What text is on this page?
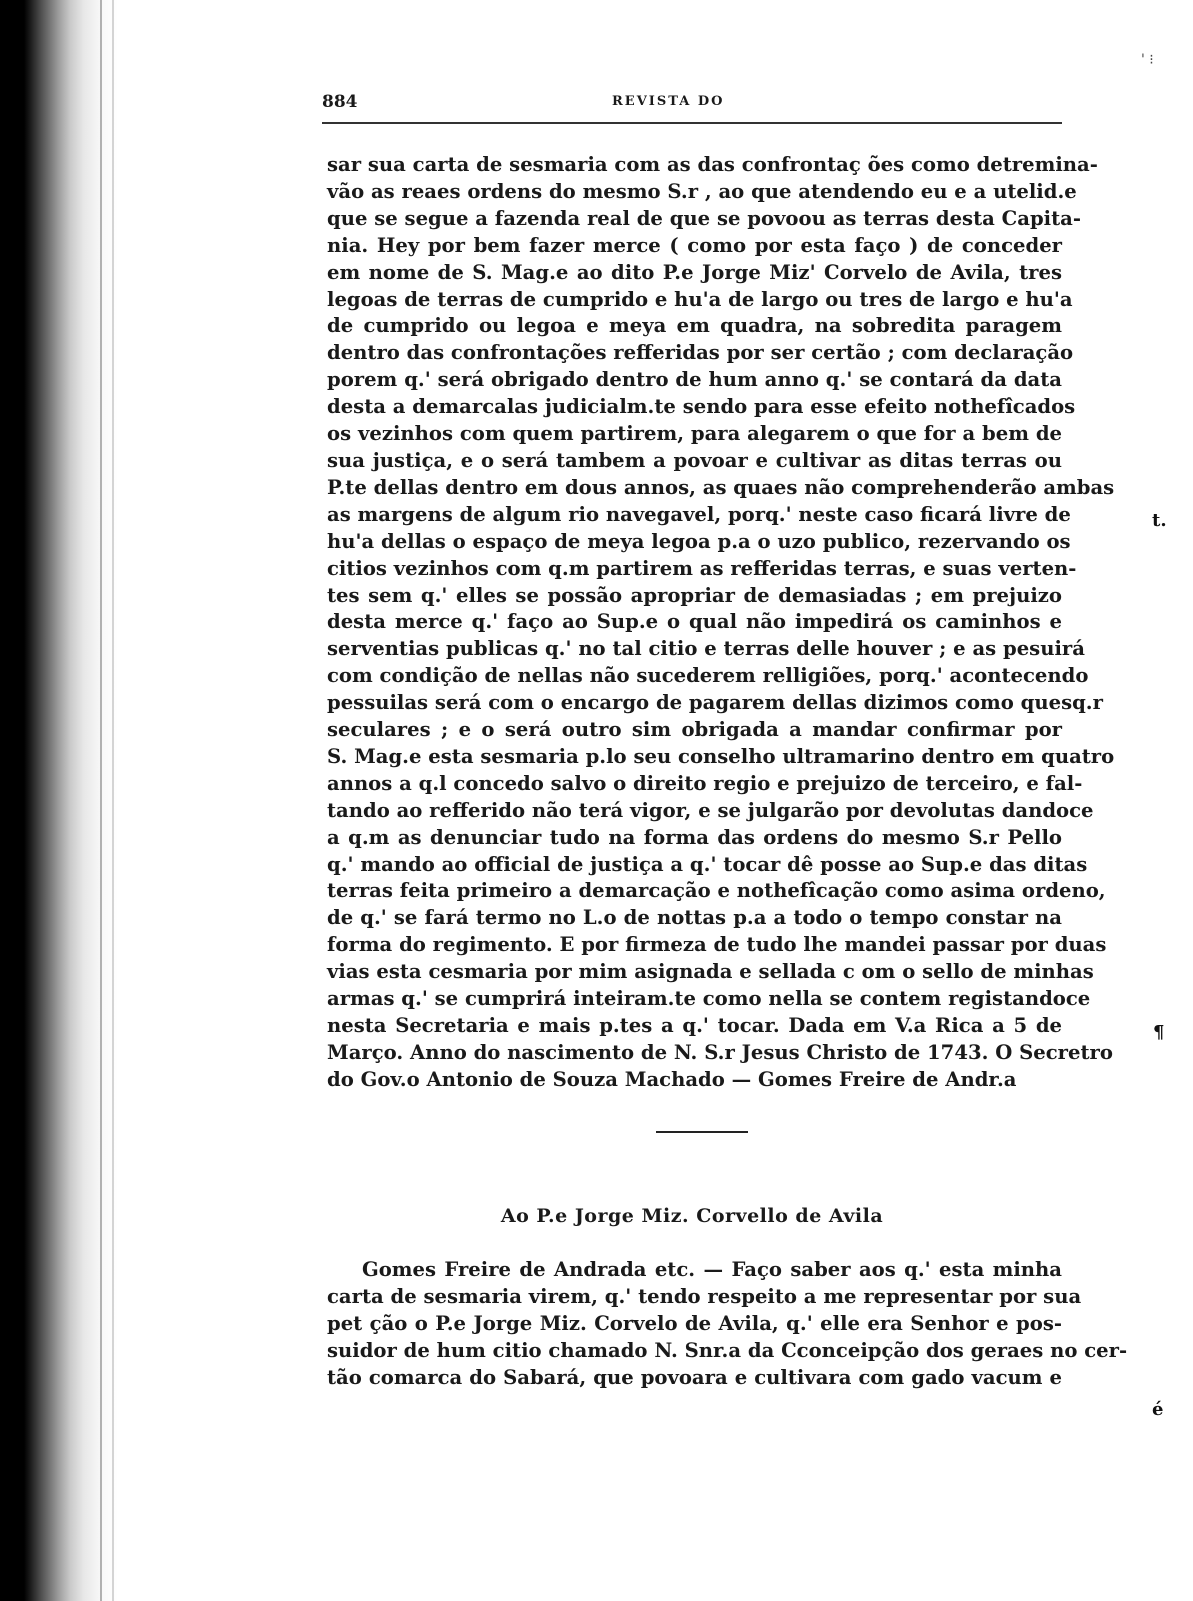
' ⁝
884	REVISTA DO
sar sua carta de sesmaria com as das confrontaç ões como detremina-
vão as reaes ordens do mesmo S.r , ao que atendendo eu e a utelid.e
que se segue a fazenda real de que se povoou as terras desta Capita-
nia. Hey por bem fazer merce ( como por esta faço ) de conceder
em nome de S. Mag.e ao dito P.e Jorge Miz' Corvelo de Avila, tres
legoas de terras de cumprido e hu'a de largo ou tres de largo e hu'a
de cumprido ou legoa e meya em quadra, na sobredita paragem
dentro das confrontações refferidas por ser certão ; com declaração
porem q.' será obrigado dentro de hum anno q.' se contará da data
desta a demarcalas judicialm.te sendo para esse efeito nothefîcados
os vezinhos com quem partirem, para alegarem o que for a bem de
sua justiça, e o será tambem a povoar e cultivar as ditas terras ou
P.te dellas dentro em dous annos, as quaes não comprehenderão ambas
as margens de algum rio navegavel, porq.' neste caso ficará livre de
hu'a dellas o espaço de meya legoa p.a o uzo publico, rezervando os
citios vezinhos com q.m partirem as refferidas terras, e suas verten-
tes sem q.' elles se possão apropriar de demasiadas ; em prejuizo
desta merce q.' faço ao Sup.e o qual não impedirá os caminhos e
serventias publicas q.' no tal citio e terras delle houver ; e as pesuirá
com condição de nellas não sucederem relligiões, porq.' acontecendo
pessuilas será com o encargo de pagarem dellas dizimos como quesq.r
seculares ; e o será outro sim obrigada a mandar confirmar por
S. Mag.e esta sesmaria p.lo seu conselho ultramarino dentro em quatro
annos a q.l concedo salvo o direito regio e prejuizo de terceiro, e fal-
tando ao refferido não terá vigor, e se julgarão por devolutas dandoce
a q.m as denunciar tudo na forma das ordens do mesmo S.r Pello
q.' mando ao official de justiça a q.' tocar dê posse ao Sup.e das ditas
terras feita primeiro a demarcação e nothefîcação como asima ordeno,
de q.' se fará termo no L.o de nottas p.a a todo o tempo constar na
forma do regimento. E por firmeza de tudo lhe mandei passar por duas
vias esta cesmaria por mim asignada e sellada c om o sello de minhas
armas q.' se cumprirá inteiram.te como nella se contem registandoce
nesta Secretaria e mais p.tes a q.' tocar. Dada em V.a Rica a 5 de
Março. Anno do nascimento de N. S.r Jesus Christo de 1743. O Secretro
do Gov.o Antonio de Souza Machado — Gomes Freire de Andr.a
Ao P.e Jorge Miz. Corvello de Avila
Gomes Freire de Andrada etc. — Faço saber aos q.' esta minha
carta de sesmaria virem, q.' tendo respeito a me representar por sua
pet ção o P.e Jorge Miz. Corvelo de Avila, q.' elle era Senhor e pos-
suidor de hum citio chamado N. Snr.a da Cconceipção dos geraes no cer-
tão comarca do Sabará, que povoara e cultivara com gado vacum e
t.
¶
é
